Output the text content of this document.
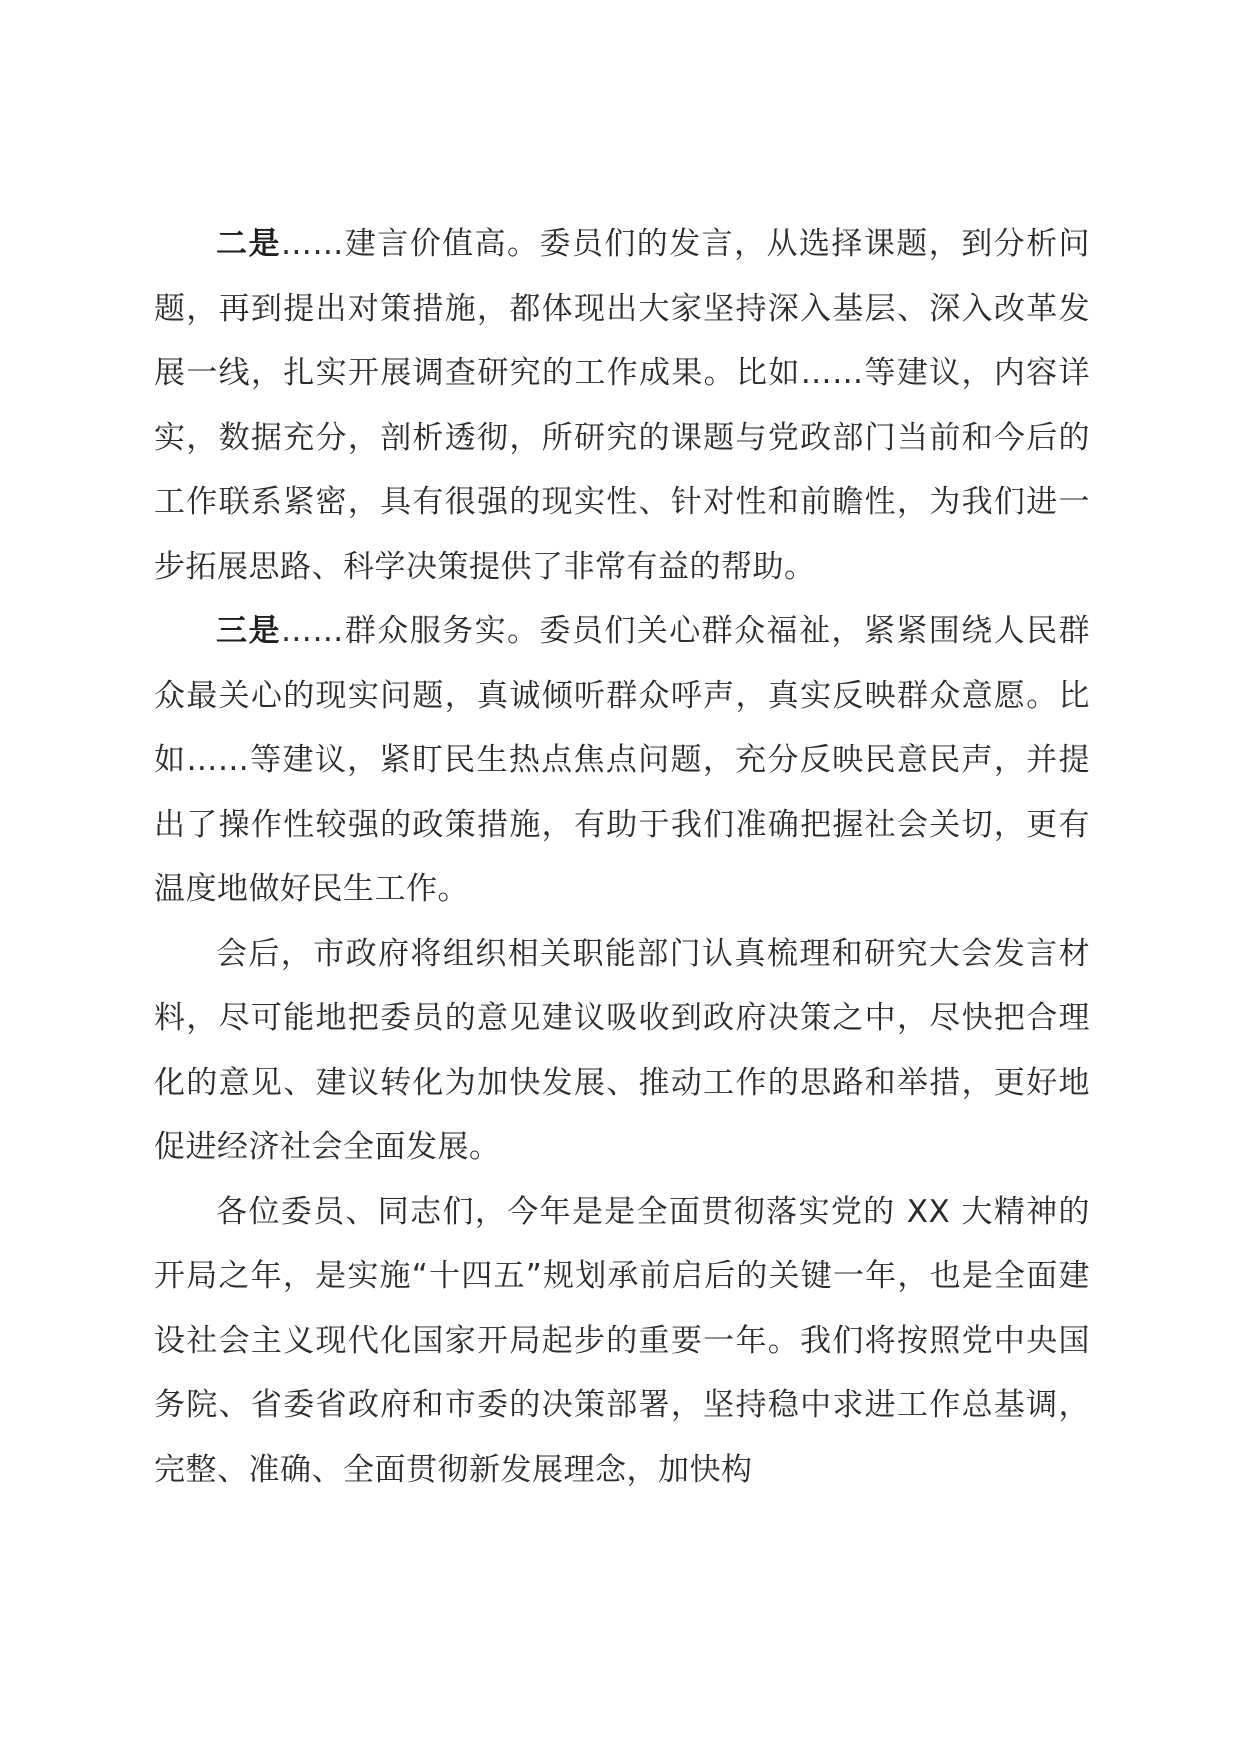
二是……建言价值高。委员们的发言，从选择课题，到分析问题，再到提出对策措施，都体现出大家坚持深入基层、深入改革发展一线，扎实开展调查研究的工作成果。比如……等建议，内容详实，数据充分，剖析透彻，所研究的课题与党政部门当前和今后的工作联系紧密，具有很强的现实性、针对性和前瞻性，为我们进一步拓展思路、科学决策提供了非常有益的帮助。

三是……群众服务实。委员们关心群众福祉，紧紧围绕人民群众最关心的现实问题，真诚倾听群众呼声，真实反映群众意愿。比如……等建议，紧盯民生热点焦点问题，充分反映民意民声，并提出了操作性较强的政策措施，有助于我们准确把握社会关切，更有温度地做好民生工作。

会后，市政府将组织相关职能部门认真梳理和研究大会发言材料，尽可能地把委员的意见建议吸收到政府决策之中，尽快把合理化的意见、建议转化为加快发展、推动工作的思路和举措，更好地促进经济社会全面发展。

各位委员、同志们，今年是是全面贯彻落实党的 XX 大精神的开局之年，是实施“十四五”规划承前启后的关键一年，也是全面建设社会主义现代化国家开局起步的重要一年。我们将按照党中央国务院、省委省政府和市委的决策部署，坚持稳中求进工作总基调，完整、准确、全面贯彻新发展理念，加快构
